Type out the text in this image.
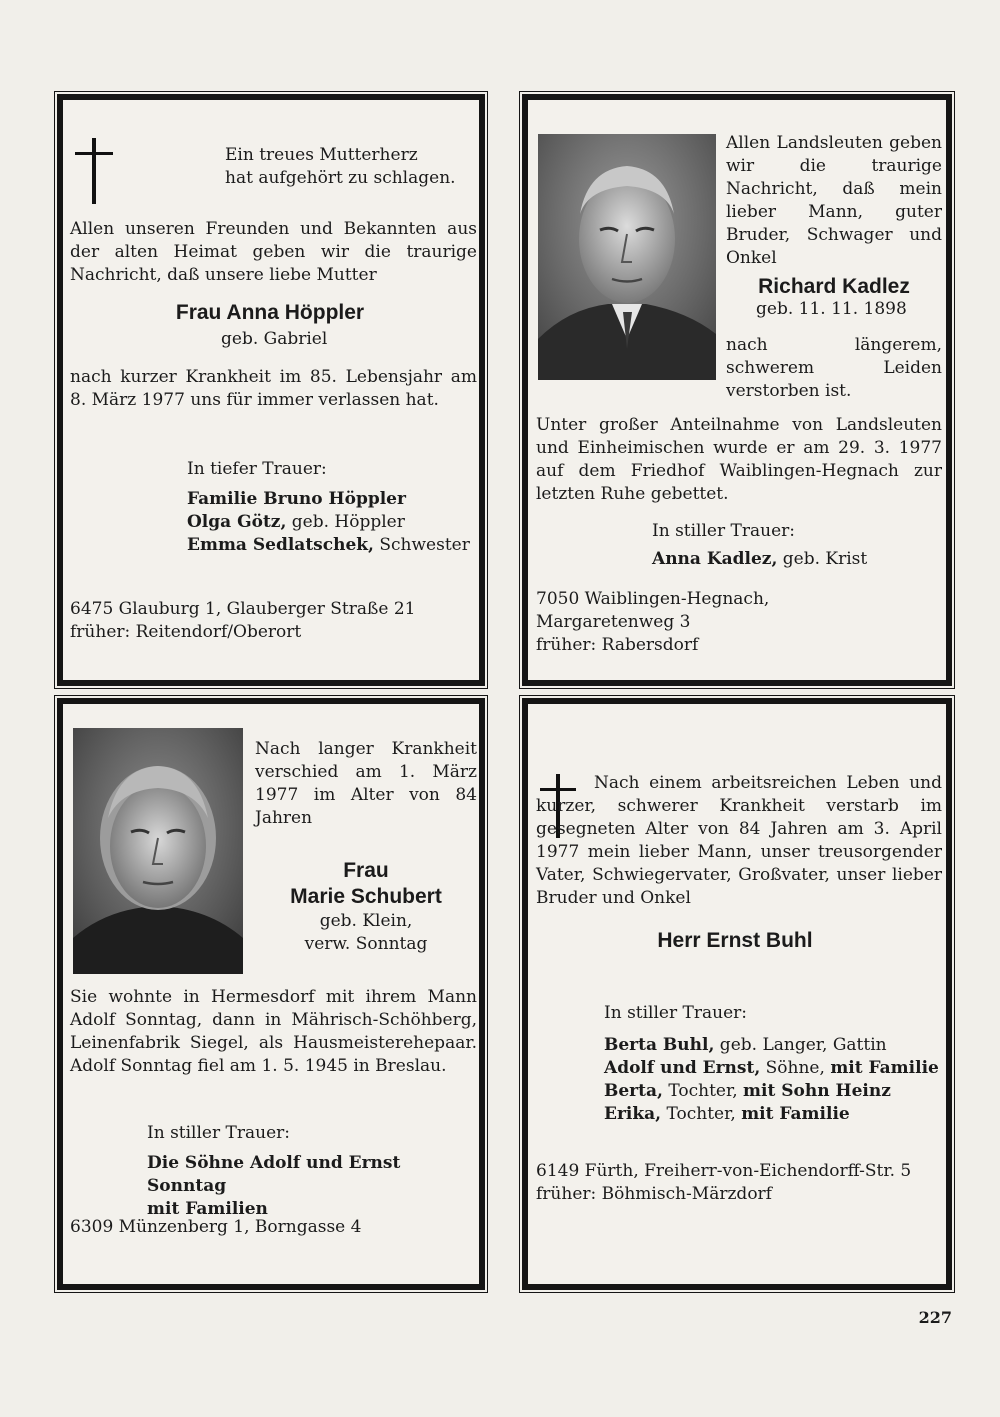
Ein treues Mutterherz
hat aufgehört zu schlagen.
Allen unseren Freunden und Bekannten aus der alten Heimat geben wir die traurige Nachricht, daß unsere liebe Mutter
Frau Anna Höppler
geb. Gabriel
nach kurzer Krankheit im 85. Lebensjahr am 8. März 1977 uns für immer verlassen hat.
In tiefer Trauer:
Familie Bruno Höppler
Olga Götz, geb. Höppler
Emma Sedlatschek, Schwester
6475 Glauburg 1, Glauberger Straße 21
früher: Reitendorf/Oberort
Allen Landsleuten geben wir die traurige Nachricht, daß mein lieber Mann, guter Bruder, Schwager und Onkel
Richard Kadlez
geb. 11. 11. 1898
nach längerem, schwerem Leiden verstorben ist.
Unter großer Anteilnahme von Landsleuten und Einheimischen wurde er am 29. 3. 1977 auf dem Friedhof Waiblingen-Hegnach zur letzten Ruhe gebettet.
In stiller Trauer:
Anna Kadlez, geb. Krist
7050 Waiblingen-Hegnach,
Margaretenweg 3
früher: Rabersdorf
Nach langer Krankheit verschied am 1. März 1977 im Alter von 84 Jahren
Frau
Marie Schubert
geb. Klein,
verw. Sonntag
Sie wohnte in Hermesdorf mit ihrem Mann Adolf Sonntag, dann in Mährisch-Schöhberg, Leinenfabrik Siegel, als Hausmeisterehepaar. Adolf Sonntag fiel am 1. 5. 1945 in Breslau.
In stiller Trauer:
Die Söhne Adolf und Ernst Sonntag
mit Familien
6309 Münzenberg 1, Borngasse 4
Nach einem arbeitsreichen Leben und kurzer, schwerer Krankheit verstarb im gesegneten Alter von 84 Jahren am 3. April 1977 mein lieber Mann, unser treusorgender Vater, Schwiegervater, Großvater, unser lieber Bruder und Onkel
Herr Ernst Buhl
In stiller Trauer:
Berta Buhl, geb. Langer, Gattin
Adolf und Ernst, Söhne, mit Familie
Berta, Tochter, mit Sohn Heinz
Erika, Tochter, mit Familie
6149 Fürth, Freiherr-von-Eichendorff-Str. 5
früher: Böhmisch-Märzdorf
227
